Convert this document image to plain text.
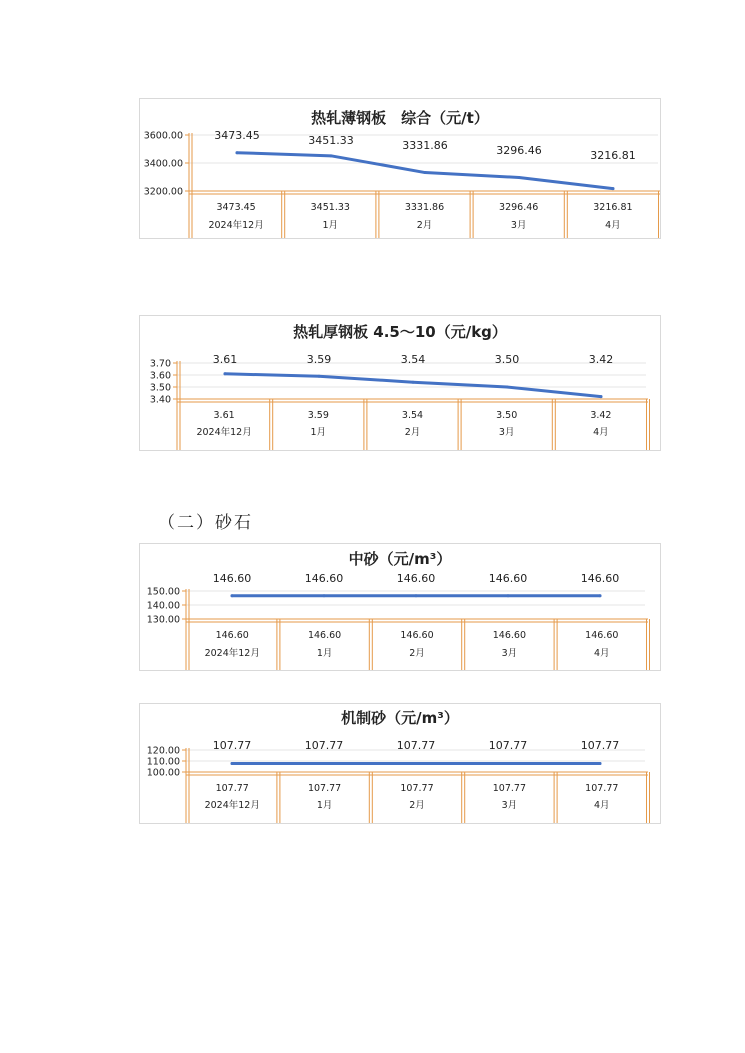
热轧薄钢板　综合（元/t）
3600.00
3400.00
3200.00
3473.45
3473.45
2024年12月
3451.33
3451.33
1月
3331.86
3331.86
2月
3296.46
3296.46
3月
3216.81
3216.81
4月
热轧厚钢板 4.5～10（元/kg）
3.70
3.60
3.50
3.40
3.61
3.61
2024年12月
3.59
3.59
1月
3.54
3.54
2月
3.50
3.50
3月
3.42
3.42
4月
（二）砂石
中砂（元/m³）
150.00
140.00
130.00
146.60
146.60
2024年12月
146.60
146.60
1月
146.60
146.60
2月
146.60
146.60
3月
146.60
146.60
4月
机制砂（元/m³）
120.00
110.00
100.00
107.77
107.77
2024年12月
107.77
107.77
1月
107.77
107.77
2月
107.77
107.77
3月
107.77
107.77
4月
